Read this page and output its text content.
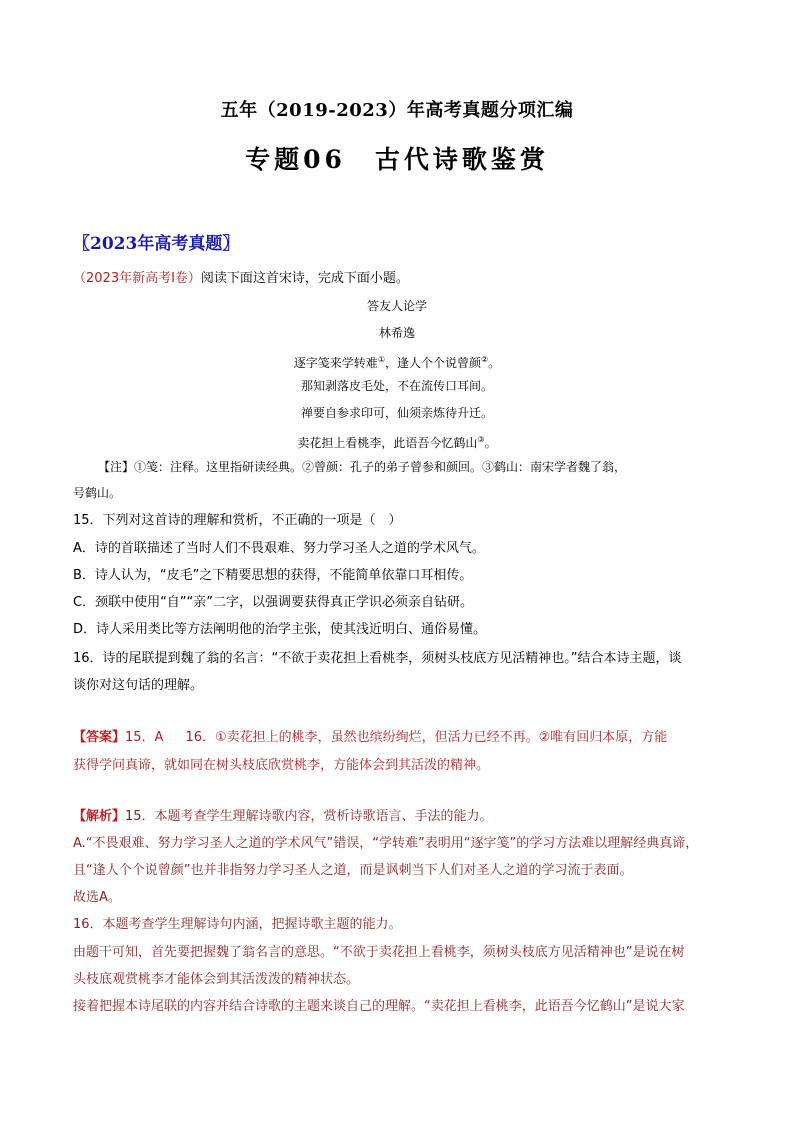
五年（2019-2023）年高考真题分项汇编
专题06　古代诗歌鉴赏
〖2023年高考真题〗
（2023年新高考Ⅰ卷）阅读下面这首宋诗，完成下面小题。
答友人论学
林希逸
逐字笺来学转难①，逢人个个说曾颜②。
那知剥落皮毛处，不在流传口耳间。
禅要自参求印可，仙须亲炼待升迁。
卖花担上看桃李，此语吾今忆鹤山③。
【注】①笺：注释。这里指研读经典。②曾颜：孔子的弟子曾参和颜回。③鹤山：南宋学者魏了翁，
号鹤山。
15．下列对这首诗的理解和赏析，不正确的一项是（　）
A．诗的首联描述了当时人们不畏艰难、努力学习圣人之道的学术风气。
B．诗人认为，“皮毛”之下精要思想的获得，不能简单依靠口耳相传。
C．颈联中使用“自”“亲”二字，以强调要获得真正学识必须亲自钻研。
D．诗人采用类比等方法阐明他的治学主张，使其浅近明白、通俗易懂。
16．诗的尾联提到魏了翁的名言：“不欲于卖花担上看桃李，须树头枝底方见活精神也。”结合本诗主题，谈
谈你对这句话的理解。
【答案】15．A 16．①卖花担上的桃李，虽然也缤纷绚烂，但活力已经不再。②唯有回归本原，方能
获得学问真谛，就如同在树头枝底欣赏桃李，方能体会到其活泼的精神。
【解析】15．本题考查学生理解诗歌内容，赏析诗歌语言、手法的能力。
A.“不畏艰难、努力学习圣人之道的学术风气”错误，“学转难”表明用“逐字笺”的学习方法难以理解经典真谛，
且“逢人个个说曾颜”也并非指努力学习圣人之道，而是讽刺当下人们对圣人之道的学习流于表面。
故选A。
16．本题考查学生理解诗句内涵，把握诗歌主题的能力。
由题干可知，首先要把握魏了翁名言的意思。“不欲于卖花担上看桃李，须树头枝底方见活精神也”是说在树
头枝底观赏桃李才能体会到其活泼泼的精神状态。
接着把握本诗尾联的内容并结合诗歌的主题来谈自己的理解。“卖花担上看桃李，此语吾今忆鹤山”是说大家
